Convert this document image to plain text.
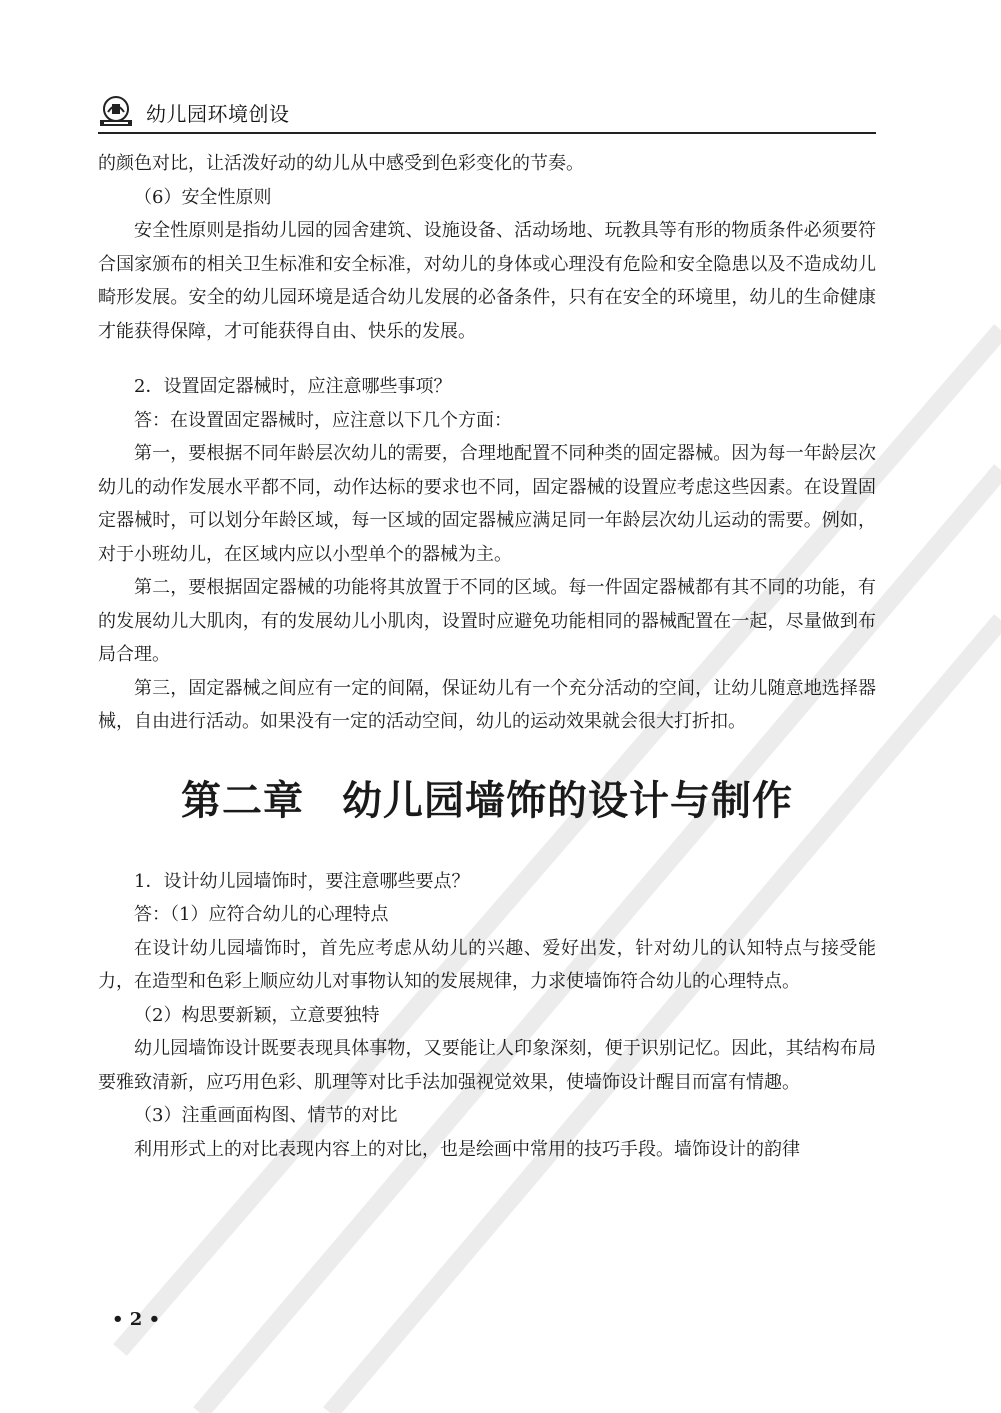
幼儿园环境创设

的颜色对比，让活泼好动的幼儿从中感受到色彩变化的节奏。

（6）安全性原则

安全性原则是指幼儿园的园舍建筑、设施设备、活动场地、玩教具等有形的物质条件必须要符合国家颁布的相关卫生标准和安全标准，对幼儿的身体或心理没有危险和安全隐患以及不造成幼儿畸形发展。安全的幼儿园环境是适合幼儿发展的必备条件，只有在安全的环境里，幼儿的生命健康才能获得保障，才可能获得自由、快乐的发展。

2．设置固定器械时，应注意哪些事项？

答：在设置固定器械时，应注意以下几个方面：

第一，要根据不同年龄层次幼儿的需要，合理地配置不同种类的固定器械。因为每一年龄层次幼儿的动作发展水平都不同，动作达标的要求也不同，固定器械的设置应考虑这些因素。在设置固定器械时，可以划分年龄区域，每一区域的固定器械应满足同一年龄层次幼儿运动的需要。例如，对于小班幼儿，在区域内应以小型单个的器械为主。

第二，要根据固定器械的功能将其放置于不同的区域。每一件固定器械都有其不同的功能，有的发展幼儿大肌肉，有的发展幼儿小肌肉，设置时应避免功能相同的器械配置在一起，尽量做到布局合理。

第三，固定器械之间应有一定的间隔，保证幼儿有一个充分活动的空间，让幼儿随意地选择器械，自由进行活动。如果没有一定的活动空间，幼儿的运动效果就会很大打折扣。

第二章 幼儿园墙饰的设计与制作

1．设计幼儿园墙饰时，要注意哪些要点？

答：（1）应符合幼儿的心理特点

在设计幼儿园墙饰时，首先应考虑从幼儿的兴趣、爱好出发，针对幼儿的认知特点与接受能力，在造型和色彩上顺应幼儿对事物认知的发展规律，力求使墙饰符合幼儿的心理特点。

（2）构思要新颖，立意要独特

幼儿园墙饰设计既要表现具体事物，又要能让人印象深刻，便于识别记忆。因此，其结构布局要雅致清新，应巧用色彩、肌理等对比手法加强视觉效果，使墙饰设计醒目而富有情趣。

（3）注重画面构图、情节的对比

利用形式上的对比表现内容上的对比，也是绘画中常用的技巧手段。墙饰设计的韵律

• 2 •
